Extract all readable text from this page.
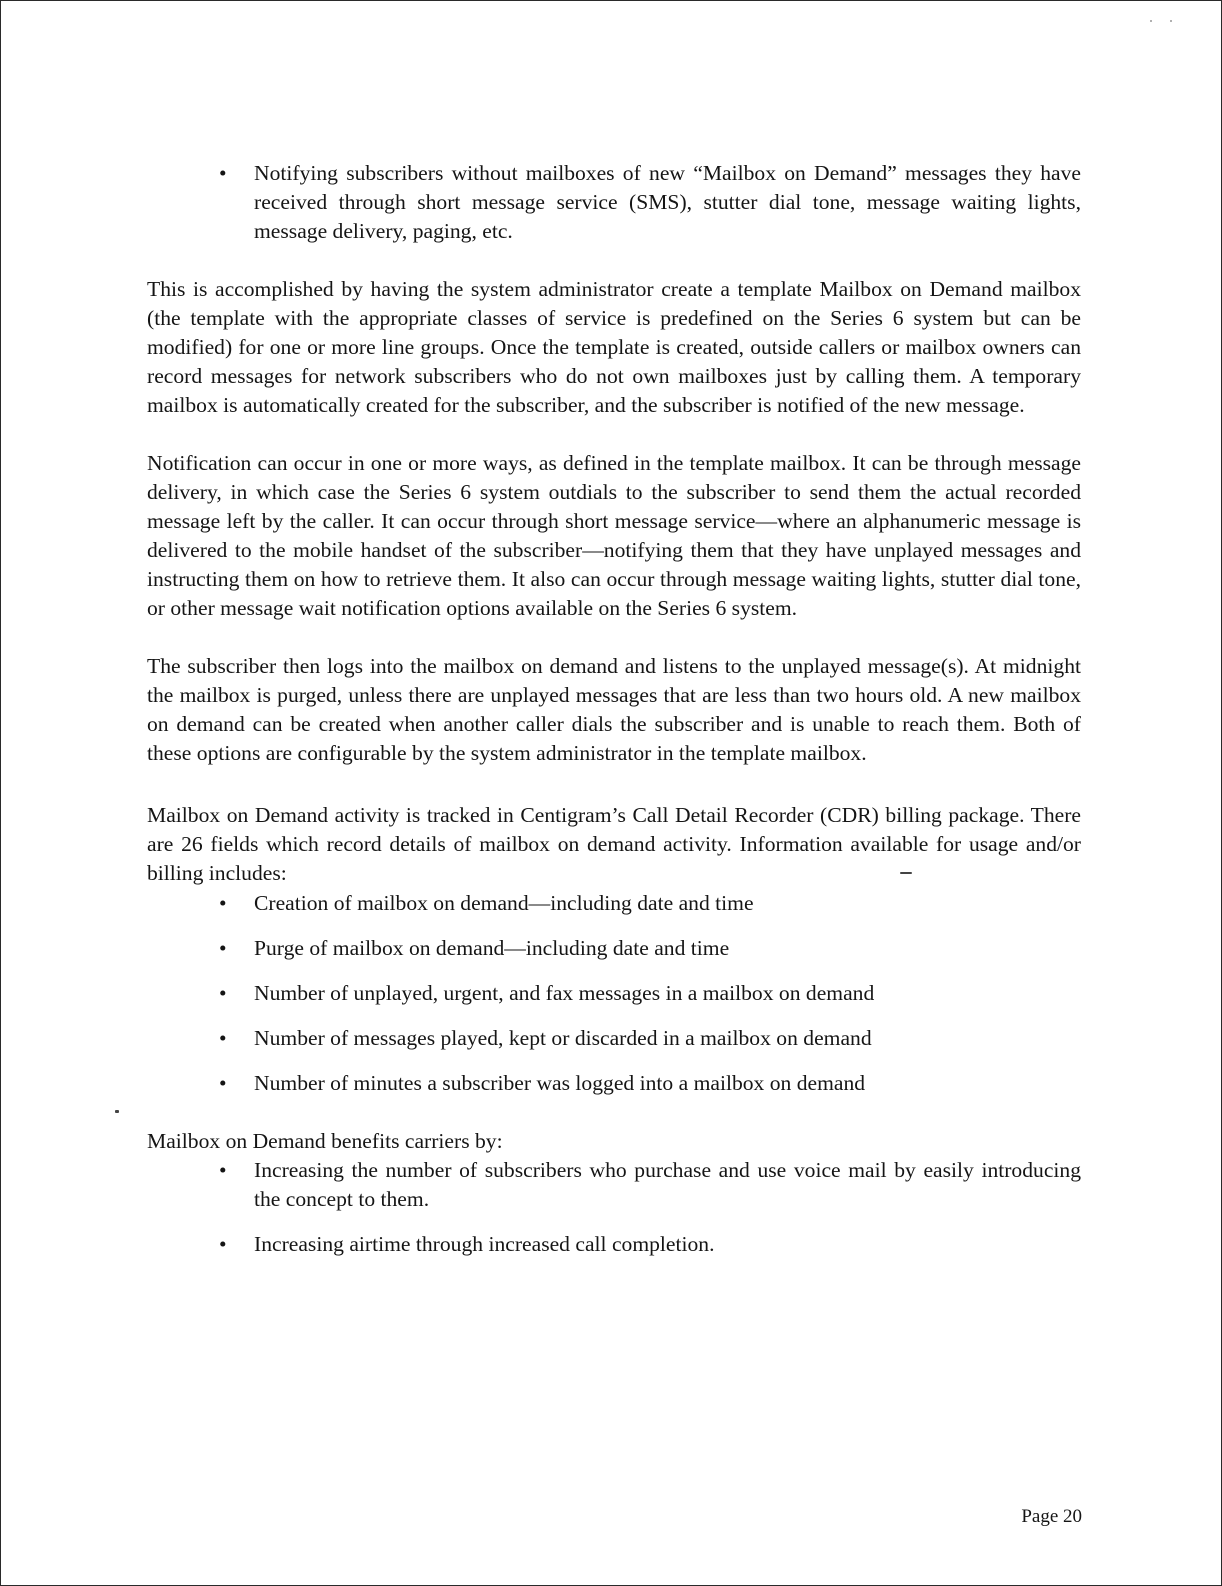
•	Notifying subscribers without mailboxes of new “Mailbox on Demand” messages they have received through short message service (SMS), stutter dial tone, message waiting lights, message delivery, paging, etc.

This is accomplished by having the system administrator create a template Mailbox on Demand mailbox (the template with the appropriate classes of service is predefined on the Series 6 system but can be modified) for one or more line groups. Once the template is created, outside callers or mailbox owners can record messages for network subscribers who do not own mailboxes just by calling them. A temporary mailbox is automatically created for the subscriber, and the subscriber is notified of the new message.

Notification can occur in one or more ways, as defined in the template mailbox. It can be through message delivery, in which case the Series 6 system outdials to the subscriber to send them the actual recorded message left by the caller. It can occur through short message service—where an alphanumeric message is delivered to the mobile handset of the subscriber—notifying them that they have unplayed messages and instructing them on how to retrieve them. It also can occur through message waiting lights, stutter dial tone, or other message wait notification options available on the Series 6 system.

The subscriber then logs into the mailbox on demand and listens to the unplayed message(s). At midnight the mailbox is purged, unless there are unplayed messages that are less than two hours old. A new mailbox on demand can be created when another caller dials the subscriber and is unable to reach them. Both of these options are configurable by the system administrator in the template mailbox.

Mailbox on Demand activity is tracked in Centigram’s Call Detail Recorder (CDR) billing package. There are 26 fields which record details of mailbox on demand activity. Information available for usage and/or billing includes:

•	Creation of mailbox on demand—including date and time
•	Purge of mailbox on demand—including date and time
•	Number of unplayed, urgent, and fax messages in a mailbox on demand
•	Number of messages played, kept or discarded in a mailbox on demand
•	Number of minutes a subscriber was logged into a mailbox on demand

Mailbox on Demand benefits carriers by:

•	Increasing the number of subscribers who purchase and use voice mail by easily introducing the concept to them.
•	Increasing airtime through increased call completion.
Page 20
